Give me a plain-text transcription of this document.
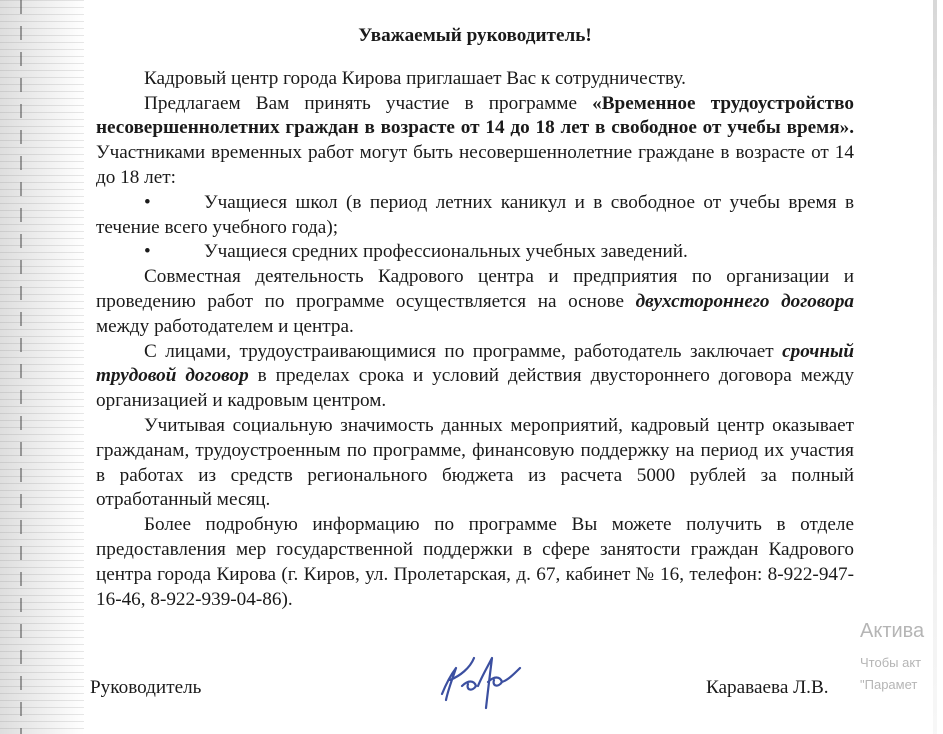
Уважаемый руководитель!

Кадровый центр города Кирова приглашает Вас к сотрудничеству.

Предлагаем Вам принять участие в программе «Временное трудоустройство несовершеннолетних граждан в возрасте от 14 до 18 лет в свободное от учебы время». Участниками временных работ могут быть несовершеннолетние граждане в возрасте от 14 до 18 лет:

•	Учащиеся школ (в период летних каникул и в свободное от учебы время в течение всего учебного года);

•	Учащиеся средних профессиональных учебных заведений.

Совместная деятельность Кадрового центра и предприятия по организации и проведению работ по программе осуществляется на основе двухстороннего договора между работодателем и центра.

С лицами, трудоустраивающимися по программе, работодатель заключает срочный трудовой договор в пределах срока и условий действия двустороннего договора между организацией и кадровым центром.

Учитывая социальную значимость данных мероприятий, кадровый центр оказывает гражданам, трудоустроенным по программе, финансовую поддержку на период их участия в работах из средств регионального бюджета из расчета 5000 рублей за полный отработанный месяц.

Более подробную информацию по программе Вы можете получить в отделе предоставления мер государственной поддержки в сфере занятости граждан Кадрового центра города Кирова (г. Киров, ул. Пролетарская, д. 67, кабинет № 16, телефон: 8-922-947-16-46, 8-922-939-04-86).

Руководитель	Караваева Л.В.
Актива
Чтобы акт
"Парамет
